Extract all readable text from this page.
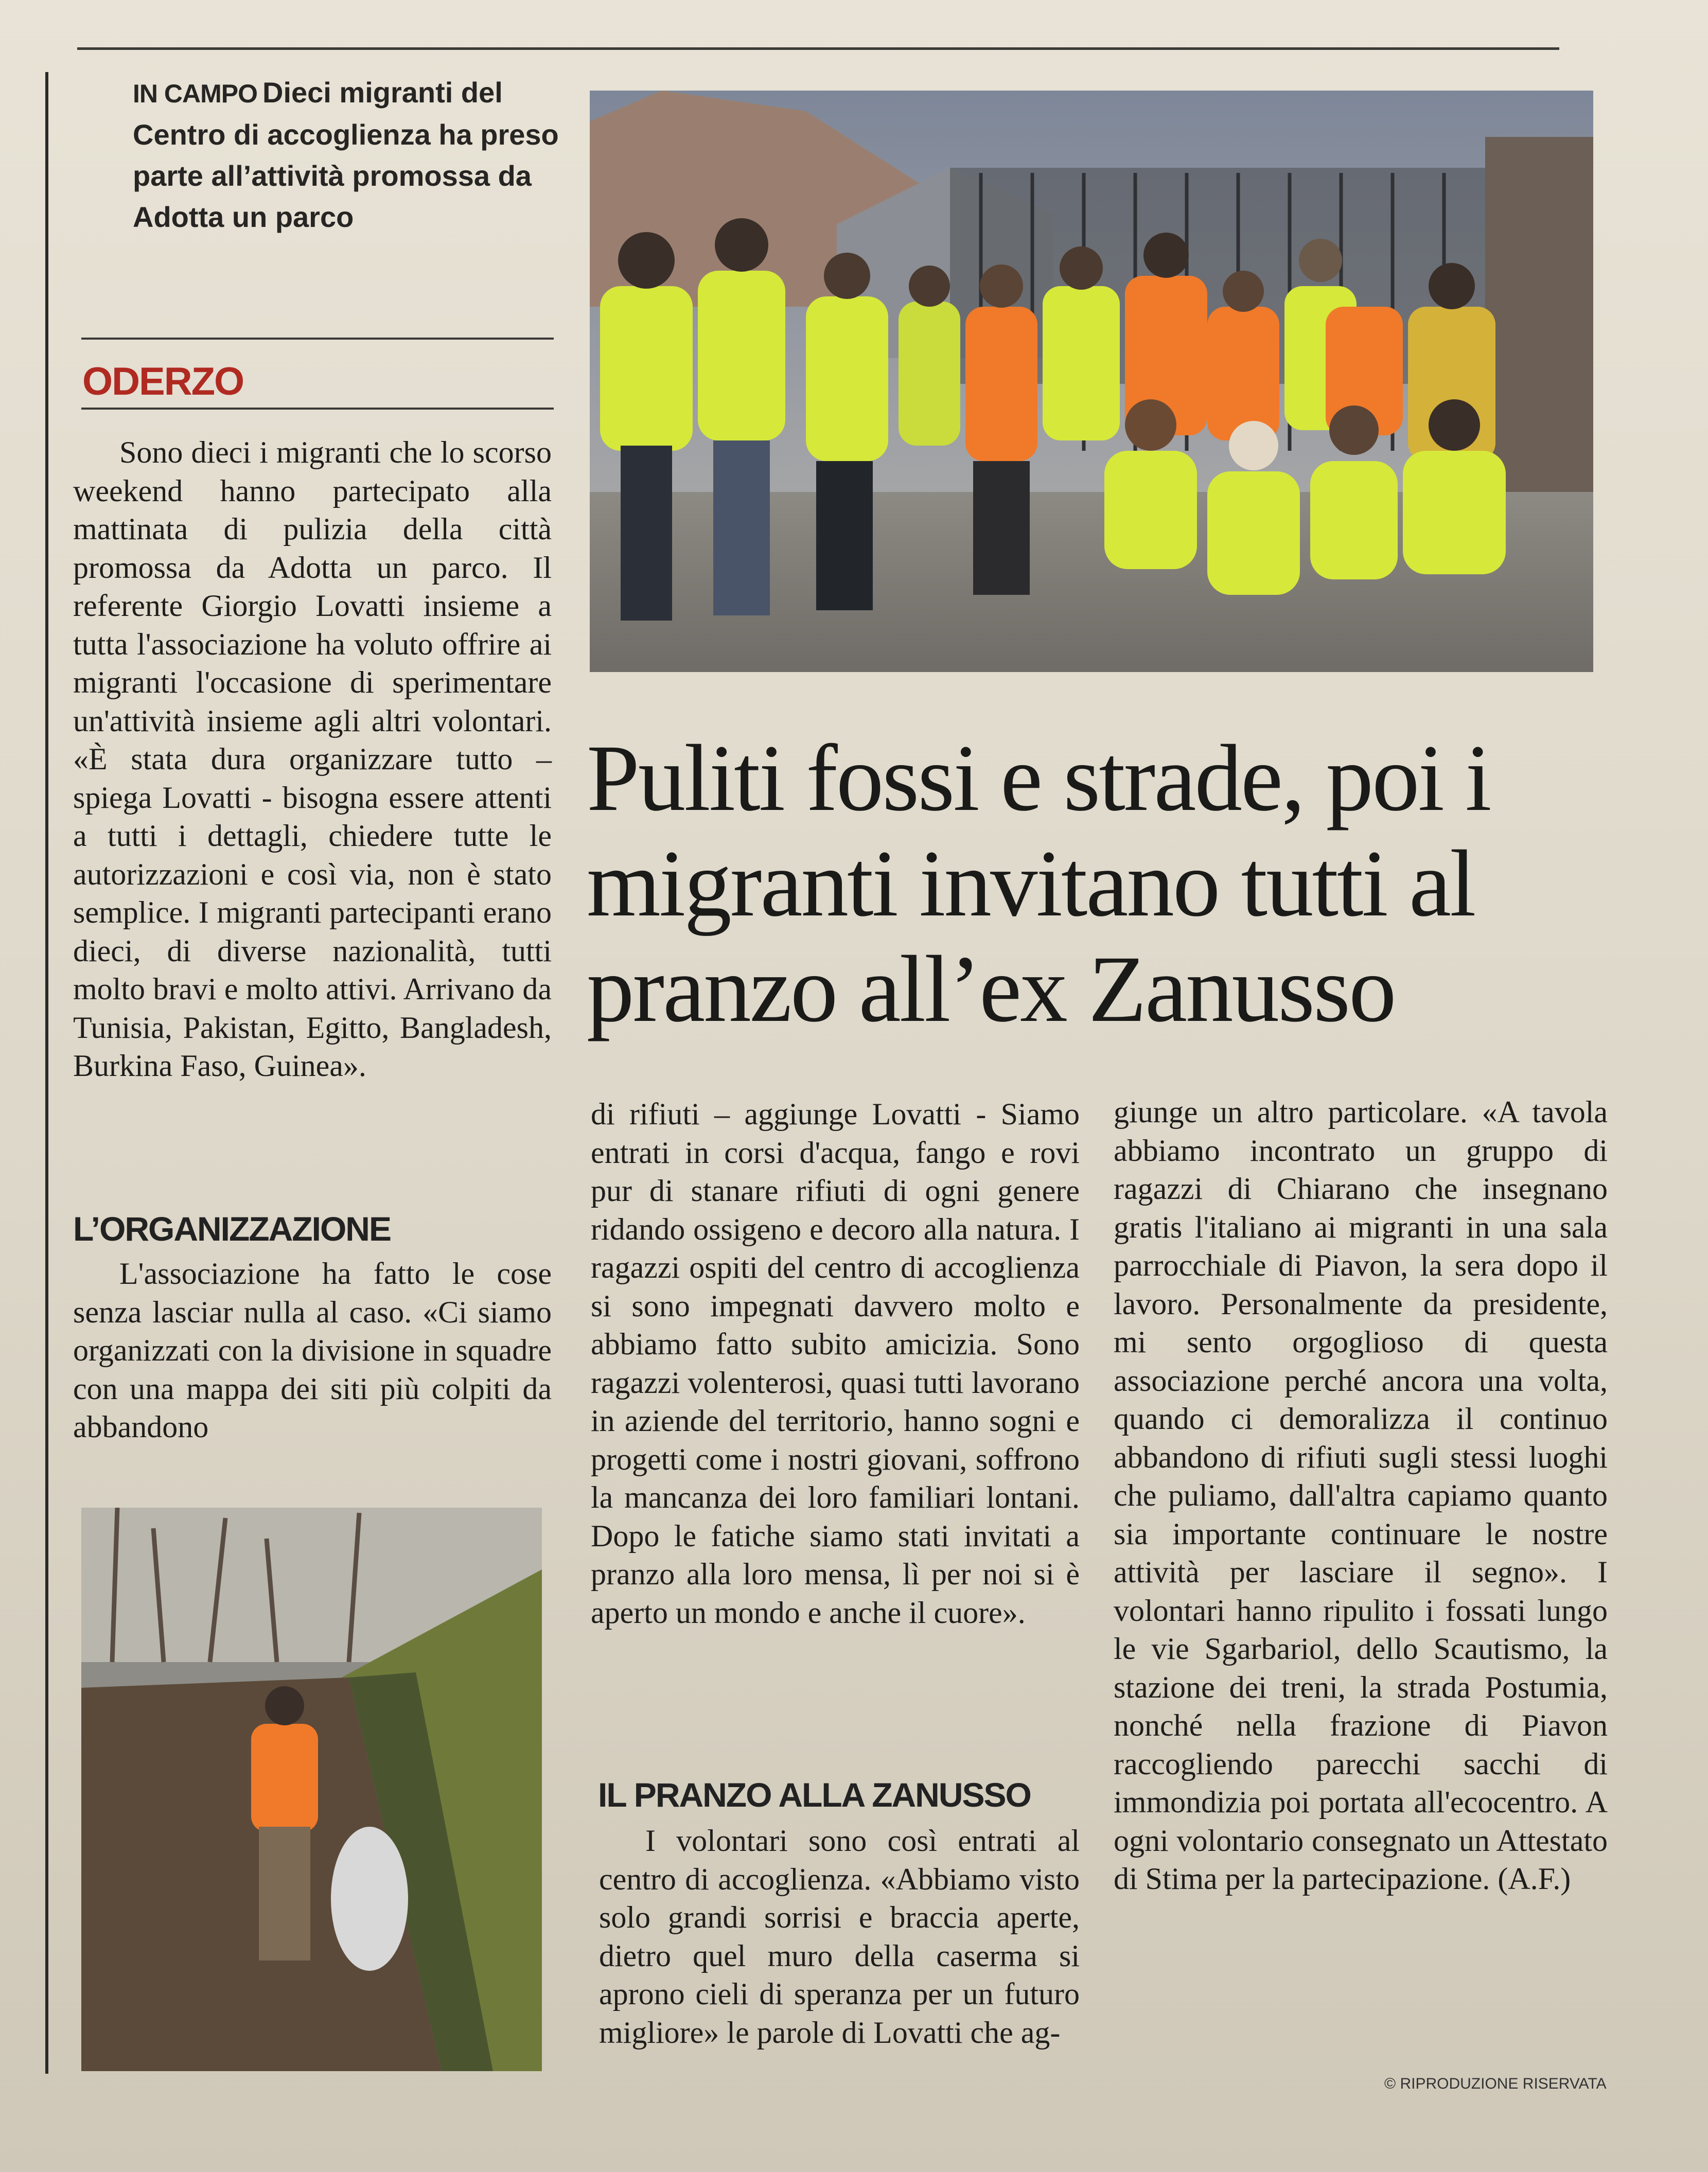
IN CAMPO Dieci migranti del Centro di accoglienza ha preso parte all’attività promossa da Adotta un parco
ODERZO
Puliti fossi e strade, poi i migranti invitano tutti al pranzo all’ex Zanusso

Sono dieci i migranti che lo scorso weekend hanno partecipato alla mattinata di pulizia della città promossa da Adotta un parco. Il referente Giorgio Lovatti insieme a tutta l'associazione ha voluto offrire ai migranti l'occasione di sperimentare un'attività insieme agli altri volontari. «È stata dura organizzare tutto – spiega Lovatti - bisogna essere attenti a tutti i dettagli, chiedere tutte le autorizzazioni e così via, non è stato semplice. I migranti partecipanti erano dieci, di diverse nazionalità, tutti molto bravi e molto attivi. Arrivano da Tunisia, Pakistan, Egitto, Bangladesh, Burkina Faso, Guinea».

L’ORGANIZZAZIONE

L'associazione ha fatto le cose senza lasciar nulla al caso. «Ci siamo organizzati con la divisione in squadre con una mappa dei siti più colpiti da abbandono

di rifiuti – aggiunge Lovatti - Siamo entrati in corsi d'acqua, fango e rovi pur di stanare rifiuti di ogni genere ridando ossigeno e decoro alla natura. I ragazzi ospiti del centro di accoglienza si sono impegnati davvero molto e abbiamo fatto subito amicizia. Sono ragazzi volenterosi, quasi tutti lavorano in aziende del territorio, hanno sogni e progetti come i nostri giovani, soffrono la mancanza dei loro familiari lontani. Dopo le fatiche siamo stati invitati a pranzo alla loro mensa, lì per noi si è aperto un mondo e anche il cuore».

IL PRANZO ALLA ZANUSSO

I volontari sono così entrati al centro di accoglienza. «Abbiamo visto solo grandi sorrisi e braccia aperte, dietro quel muro della caserma si aprono cieli di speranza per un futuro migliore» le parole di Lovatti che ag-

giunge un altro particolare. «A tavola abbiamo incontrato un gruppo di ragazzi di Chiarano che insegnano gratis l'italiano ai migranti in una sala parrocchiale di Piavon, la sera dopo il lavoro. Personalmente da presidente, mi sento orgoglioso di questa associazione perché ancora una volta, quando ci demoralizza il continuo abbandono di rifiuti sugli stessi luoghi che puliamo, dall'altra capiamo quanto sia importante continuare le nostre attività per lasciare il segno». I volontari hanno ripulito i fossati lungo le vie Sgarbariol, dello Scautismo, la stazione dei treni, la strada Postumia, nonché nella frazione di Piavon raccogliendo parecchi sacchi di immondizia poi portata all'ecocentro. A ogni volontario consegnato un Attestato di Stima per la partecipazione. (A.F.)

© RIPRODUZIONE RISERVATA
